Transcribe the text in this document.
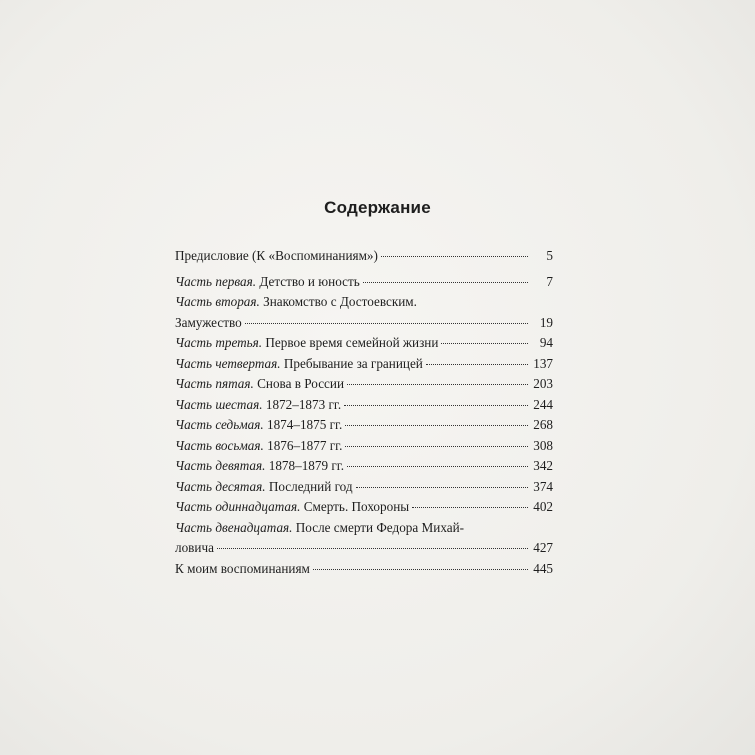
Содержание
Предисловие (К «Воспоминаниям»)	5
Часть первая. Детство и юность	7
Часть вторая. Знакомство с Достоевским.
Замужество	19
Часть третья. Первое время семейной жизни	94
Часть четвертая. Пребывание за границей	137
Часть пятая. Снова в России	203
Часть шестая. 1872–1873 гг.	244
Часть седьмая. 1874–1875 гг.	268
Часть восьмая. 1876–1877 гг.	308
Часть девятая. 1878–1879 гг.	342
Часть десятая. Последний год	374
Часть одиннадцатая. Смерть. Похороны	402
Часть двенадцатая. После смерти Федора Михай-
ловича	427
К моим воспоминаниям	445
